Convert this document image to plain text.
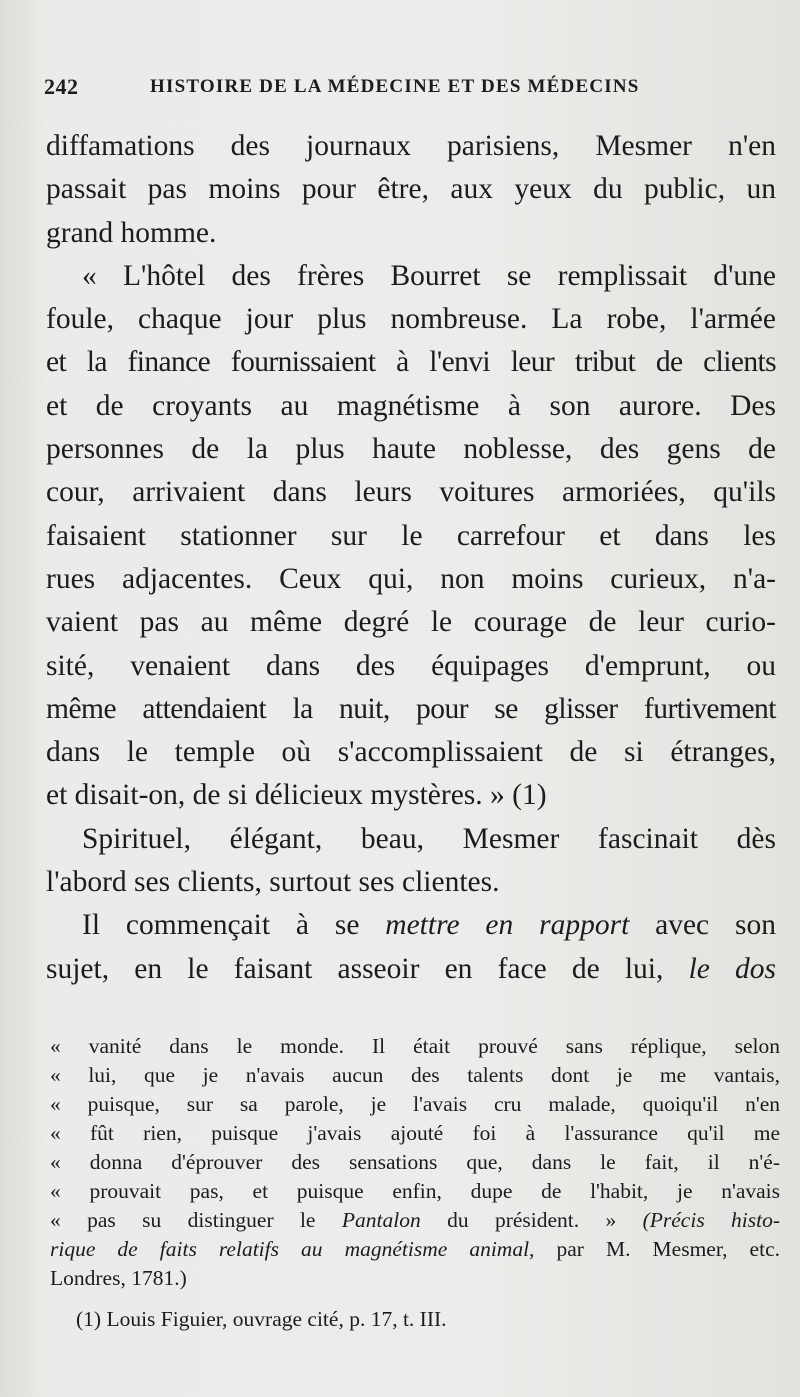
242	HISTOIRE DE LA MÉDECINE ET DES MÉDECINS
diffamations des journaux parisiens, Mesmer n'en
passait pas moins pour être, aux yeux du public, un
grand homme.
« L'hôtel des frères Bourret se remplissait d'une
foule, chaque jour plus nombreuse. La robe, l'armée
et la finance fournissaient à l'envi leur tribut de clients
et de croyants au magnétisme à son aurore. Des
personnes de la plus haute noblesse, des gens de
cour, arrivaient dans leurs voitures armoriées, qu'ils
faisaient stationner sur le carrefour et dans les
rues adjacentes. Ceux qui, non moins curieux, n'a-
vaient pas au même degré le courage de leur curio-
sité, venaient dans des équipages d'emprunt, ou
même attendaient la nuit, pour se glisser furtivement
dans le temple où s'accomplissaient de si étranges,
et disait-on, de si délicieux mystères. » (1)
Spirituel, élégant, beau, Mesmer fascinait dès
l'abord ses clients, surtout ses clientes.
Il commençait à se mettre en rapport avec son
sujet, en le faisant asseoir en face de lui, le dos
« vanité dans le monde. Il était prouvé sans réplique, selon
« lui, que je n'avais aucun des talents dont je me vantais,
« puisque, sur sa parole, je l'avais cru malade, quoiqu'il n'en
« fût rien, puisque j'avais ajouté foi à l'assurance qu'il me
« donna d'éprouver des sensations que, dans le fait, il n'é-
« prouvait pas, et puisque enfin, dupe de l'habit, je n'avais
« pas su distinguer le Pantalon du président. » (Précis histo-
rique de faits relatifs au magnétisme animal, par M. Mesmer, etc.
Londres, 1781.)
(1) Louis Figuier, ouvrage cité, p. 17, t. III.
